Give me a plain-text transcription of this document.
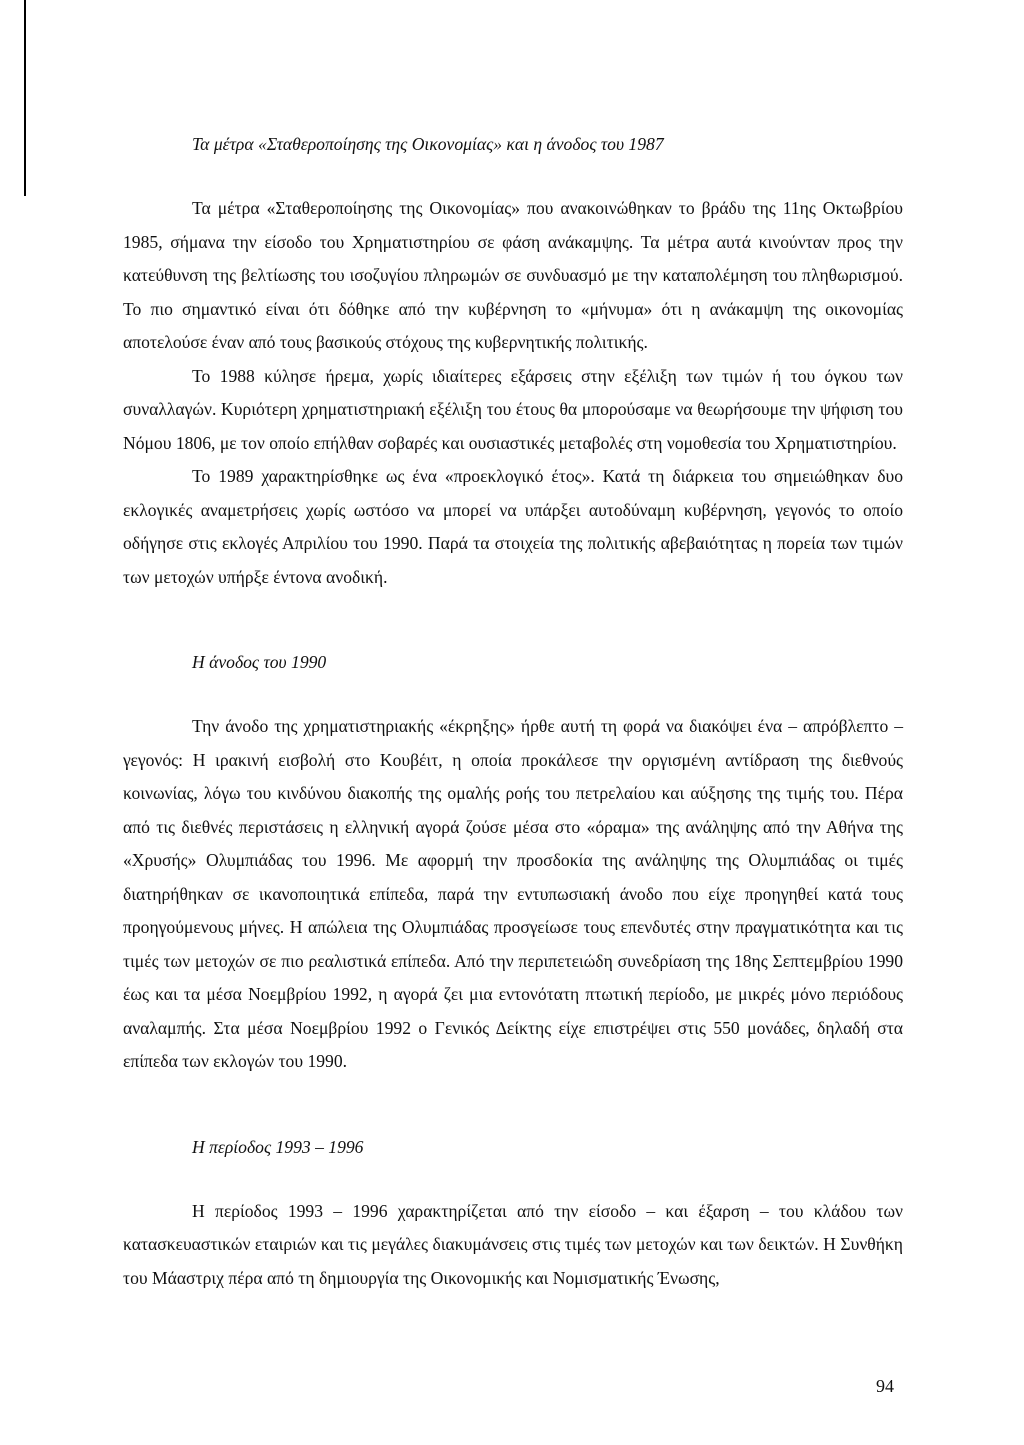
Τα μέτρα «Σταθεροποίησης της Οικονομίας» και η άνοδος του 1987

Τα μέτρα «Σταθεροποίησης της Οικονομίας» που ανακοινώθηκαν το βράδυ της 11ης Οκτωβρίου 1985, σήμανα την είσοδο του Χρηματιστηρίου σε φάση ανάκαμψης. Τα μέτρα αυτά κινούνταν προς την κατεύθυνση της βελτίωσης του ισοζυγίου πληρωμών σε συνδυασμό με την καταπολέμηση του πληθωρισμού. Το πιο σημαντικό είναι ότι δόθηκε από την κυβέρνηση το «μήνυμα» ότι η ανάκαμψη της οικονομίας αποτελούσε έναν από τους βασικούς στόχους της κυβερνητικής πολιτικής.

Το 1988 κύλησε ήρεμα, χωρίς ιδιαίτερες εξάρσεις στην εξέλιξη των τιμών ή του όγκου των συναλλαγών. Κυριότερη χρηματιστηριακή εξέλιξη του έτους θα μπορούσαμε να θεωρήσουμε την ψήφιση του Νόμου 1806, με τον οποίο επήλθαν σοβαρές και ουσιαστικές μεταβολές στη νομοθεσία του Χρηματιστηρίου.

Το 1989 χαρακτηρίσθηκε ως ένα «προεκλογικό έτος». Κατά τη διάρκεια του σημειώθηκαν δυο εκλογικές αναμετρήσεις χωρίς ωστόσο να μπορεί να υπάρξει αυτοδύναμη κυβέρνηση, γεγονός το οποίο οδήγησε στις εκλογές Απριλίου του 1990. Παρά τα στοιχεία της πολιτικής αβεβαιότητας η πορεία των τιμών των μετοχών υπήρξε έντονα ανοδική.

Η άνοδος του 1990

Την άνοδο της χρηματιστηριακής «έκρηξης» ήρθε αυτή τη φορά να διακόψει ένα – απρόβλεπτο – γεγονός: Η ιρακινή εισβολή στο Κουβέιτ, η οποία προκάλεσε την οργισμένη αντίδραση της διεθνούς κοινωνίας, λόγω του κινδύνου διακοπής της ομαλής ροής του πετρελαίου και αύξησης της τιμής του. Πέρα από τις διεθνές περιστάσεις η ελληνική αγορά ζούσε μέσα στο «όραμα» της ανάληψης από την Αθήνα της «Χρυσής» Ολυμπιάδας του 1996. Με αφορμή την προσδοκία της ανάληψης της Ολυμπιάδας οι τιμές διατηρήθηκαν σε ικανοποιητικά επίπεδα, παρά την εντυπωσιακή άνοδο που είχε προηγηθεί κατά τους προηγούμενους μήνες. Η απώλεια της Ολυμπιάδας προσγείωσε τους επενδυτές στην πραγματικότητα και τις τιμές των μετοχών σε πιο ρεαλιστικά επίπεδα. Από την περιπετειώδη συνεδρίαση της 18ης Σεπτεμβρίου 1990 έως και τα μέσα Νοεμβρίου 1992, η αγορά ζει μια εντονότατη πτωτική περίοδο, με μικρές μόνο περιόδους αναλαμπής. Στα μέσα Νοεμβρίου 1992 ο Γενικός Δείκτης είχε επιστρέψει στις 550 μονάδες, δηλαδή στα επίπεδα των εκλογών του 1990.

Η περίοδος 1993 – 1996

Η περίοδος 1993 – 1996 χαρακτηρίζεται από την είσοδο – και έξαρση – του κλάδου των κατασκευαστικών εταιριών και τις μεγάλες διακυμάνσεις στις τιμές των μετοχών και των δεικτών. Η Συνθήκη του Μάαστριχ πέρα από τη δημιουργία της Οικονομικής και Νομισματικής Ένωσης,

94
